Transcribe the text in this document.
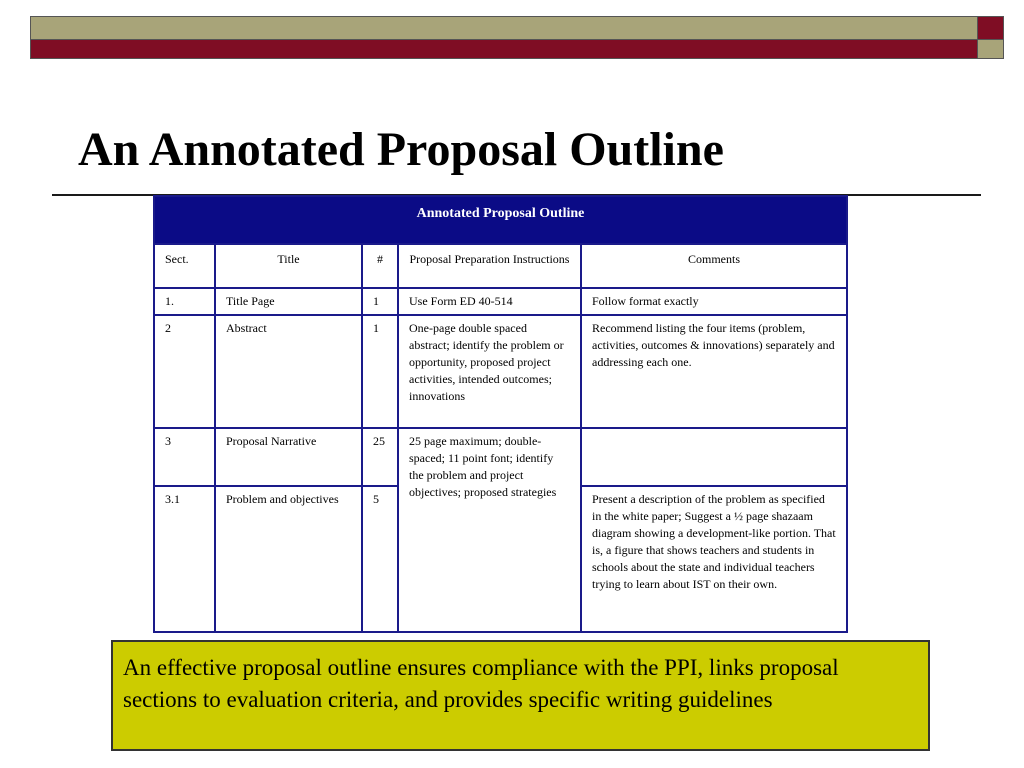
An Annotated Proposal Outline
Annotated Proposal Outline				
Sect.	Title	#	Proposal Preparation Instructions	Comments
1.	Title Page	1	Use Form ED 40-514	Follow format exactly
2	Abstract	1	One-page double spaced abstract; identify the problem or opportunity, proposed project activities, intended outcomes; innovations	Recommend listing the four items (problem, activities, outcomes & innovations) separately and addressing each one.
3	Proposal Narrative	25	25 page maximum; double-spaced; 11 point font; identify the problem and project objectives; proposed strategies	
3.1	Problem and objectives	5		Present a description of the problem as specified in the white paper; Suggest a ½ page shazaam diagram showing a development-like portion. That is, a figure that shows teachers and students in schools about the state and individual teachers trying to learn about IST on their own.
An effective proposal outline ensures compliance with the PPI, links proposal sections to evaluation criteria, and provides specific writing guidelines
